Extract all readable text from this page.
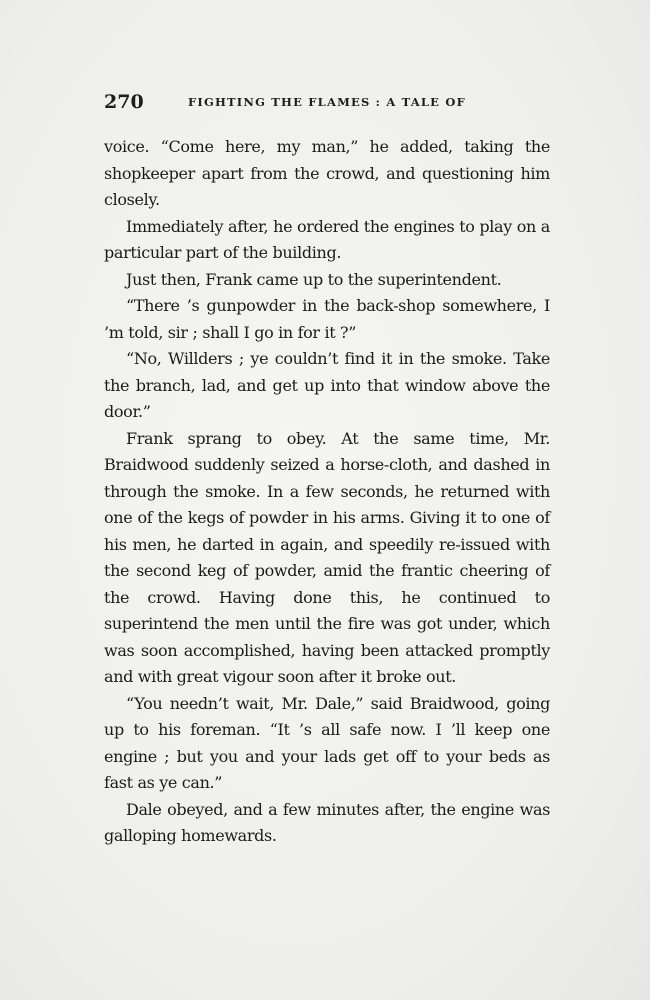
270	FIGHTING THE FLAMES : A TALE OF

voice. “Come here, my man,” he added, taking the shopkeeper apart from the crowd, and questioning him closely.

Immediately after, he ordered the engines to play on a particular part of the building.

Just then, Frank came up to the superintendent.

“There ’s gunpowder in the back-shop somewhere, I ’m told, sir ; shall I go in for it ?”

“No, Willders ; ye couldn’t find it in the smoke. Take the branch, lad, and get up into that window above the door.”

Frank sprang to obey. At the same time, Mr. Braidwood suddenly seized a horse-cloth, and dashed in through the smoke. In a few seconds, he returned with one of the kegs of powder in his arms. Giving it to one of his men, he darted in again, and speedily re-issued with the second keg of powder, amid the frantic cheering of the crowd. Having done this, he continued to superintend the men until the fire was got under, which was soon accomplished, having been attacked promptly and with great vigour soon after it broke out.

“You needn’t wait, Mr. Dale,” said Braidwood, going up to his foreman. “It ’s all safe now. I ’ll keep one engine ; but you and your lads get off to your beds as fast as ye can.”

Dale obeyed, and a few minutes after, the engine was galloping homewards.
